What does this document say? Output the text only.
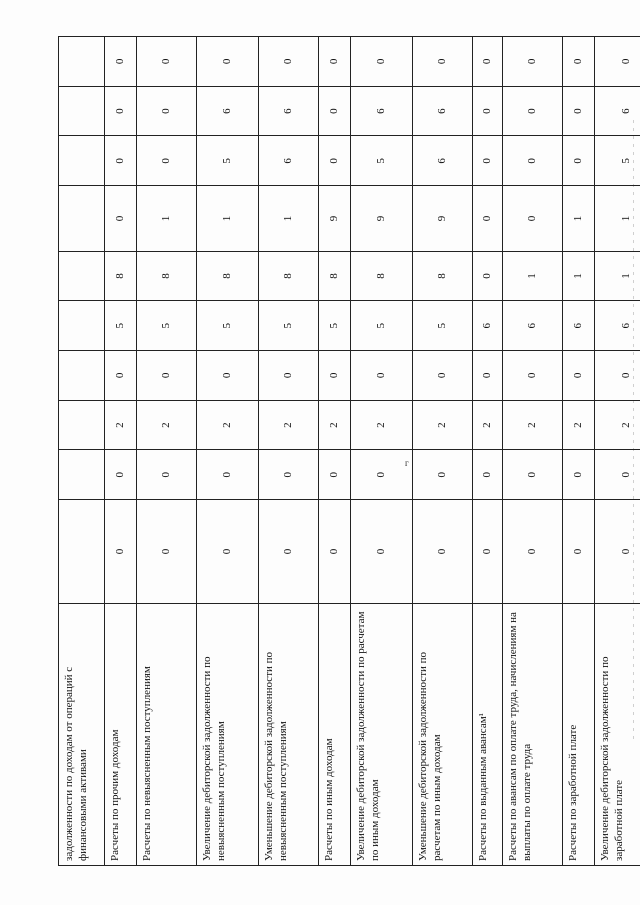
задолженности по доходам от операций с финансовыми активами										
Расчеты по прочим доходам	0	0	2	0	5	8	0	0	0	0
Расчеты по невыясненным поступлениям	0	0	2	0	5	8	1	0	0	0
Увеличение дебиторской задолженности по невыясненным поступлениям	0	0	2	0	5	8	1	5	6	0
Уменьшение дебиторской задолженности по невыясненным поступлениям	0	0	2	0	5	8	1	6	6	0
Расчеты по иным доходам	0	0	2	0	5	8	9	0	0	0
Увеличение дебиторской задолженности по расчетам по иным доходам	0	0	2	0	5	8	9	5	6	0
Уменьшение дебиторской задолженности по расчетам по иным доходам	0	0	2	0	5	8	9	6	6	0
Расчеты по выданным авансам¹	0	0	2	0	6	0	0	0	0	0
Расчеты по авансам по оплате труда, начислениям на выплаты по оплате труда	0	0	2	0	6	1	0	0	0	0
Расчеты по заработной плате	0	0	2	0	6	1	1	0	0	0
Увеличение дебиторской задолженности по заработной плате	0	0	2	0	6	1	1	5	6	0
г
